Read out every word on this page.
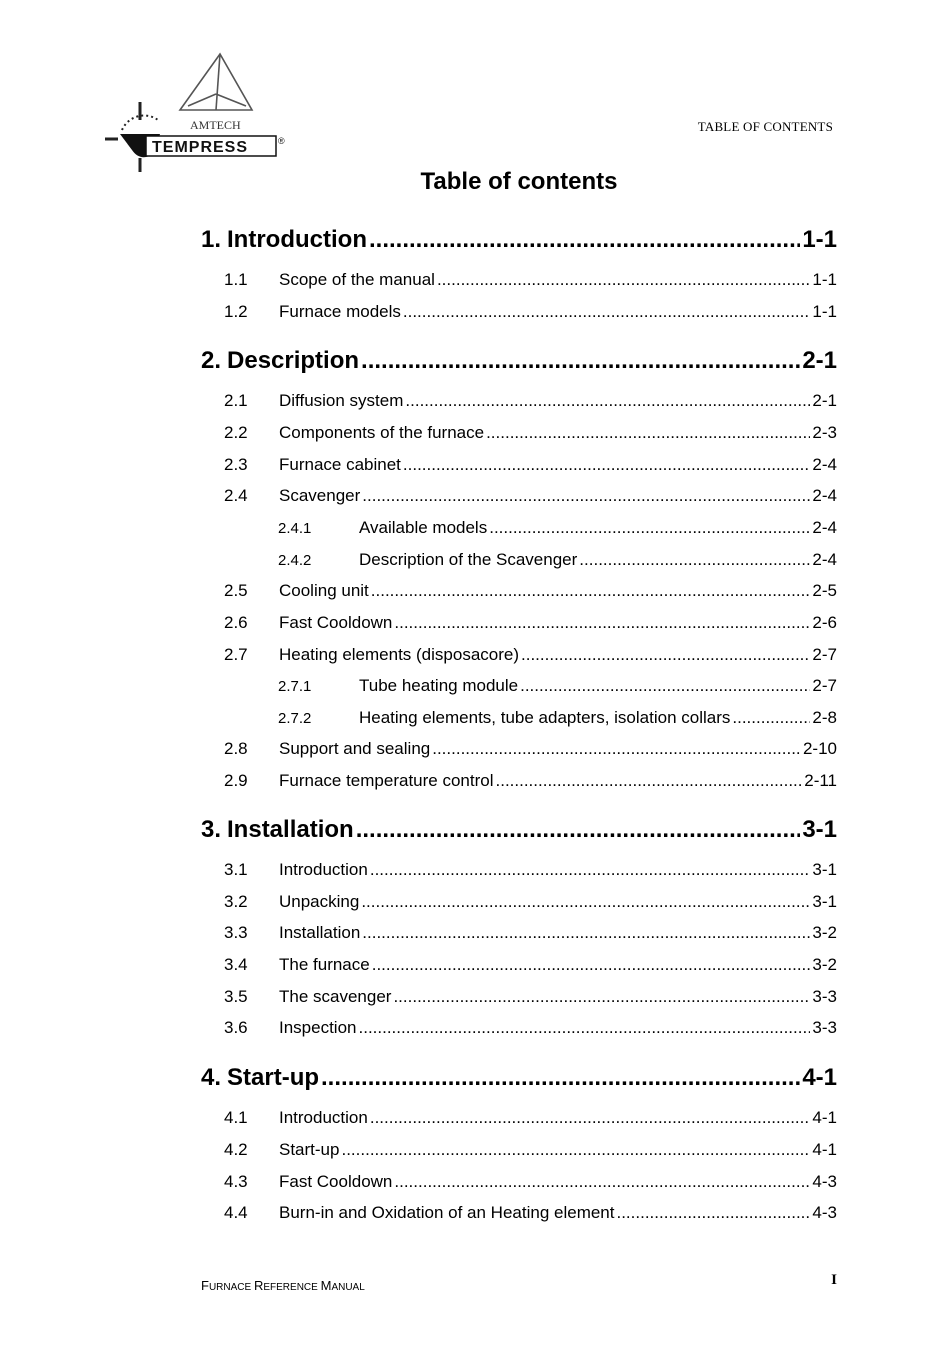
AMTECH
TEMPRESS	®
TABLE OF CONTENTS
Table of contents
1. Introduction .....	1-1
1.1	Scope of the manual .....	1-1
1.2	Furnace models .....	1-1
2. Description .....	2-1
2.1	Diffusion system .....	2-1
2.2	Components of the furnace .....	2-3
2.3	Furnace cabinet .....	2-4
2.4	Scavenger .....	2-4
2.4.1	Available models .....	2-4
2.4.2	Description of the Scavenger .....	2-4
2.5	Cooling unit .....	2-5
2.6	Fast Cooldown .....	2-6
2.7	Heating elements (disposacore) .....	2-7
2.7.1	Tube heating module .....	2-7
2.7.2	Heating elements, tube adapters, isolation collars .....	2-8
2.8	Support and sealing .....	2-10
2.9	Furnace temperature control .....	2-11
3. Installation .....	3-1
3.1	Introduction .....	3-1
3.2	Unpacking .....	3-1
3.3	Installation .....	3-2
3.4	The furnace .....	3-2
3.5	The scavenger .....	3-3
3.6	Inspection .....	3-3
4. Start-up .....	4-1
4.1	Introduction .....	4-1
4.2	Start-up .....	4-1
4.3	Fast Cooldown .....	4-3
4.4	Burn-in and Oxidation of an Heating element .....	4-3
FURNACE REFERENCE MANUAL	I
